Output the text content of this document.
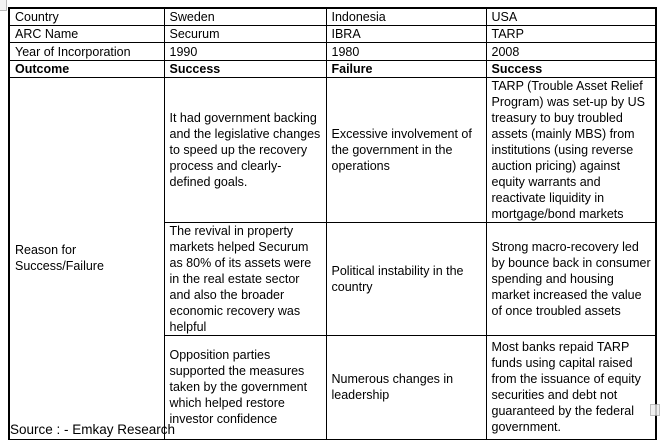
Country	Sweden	Indonesia	USA
ARC Name	Securum	IBRA	TARP
Year of Incorporation	1990	1980	2008
Outcome	Success	Failure	Success
Reason for Success/Failure	It had government backing and the legislative changes to speed up the recovery process and clearly-defined goals.	Excessive involvement of the government in the operations	TARP (Trouble Asset Relief Program) was set-up by US treasury to buy troubled assets (mainly MBS) from institutions (using reverse auction pricing) against equity warrants and reactivate liquidity in mortgage/bond markets
	The revival in property markets helped Securum as 80% of its assets were in the real estate sector and also the broader economic recovery was helpful	Political instability in the country	Strong macro-recovery led by bounce back in consumer spending and housing market increased the value of once troubled assets
	Opposition parties supported the measures taken by the government which helped restore investor confidence	Numerous changes in leadership	Most banks repaid TARP funds using capital raised from the issuance of equity securities and debt not guaranteed by the federal government.
Source : - Emkay Research
